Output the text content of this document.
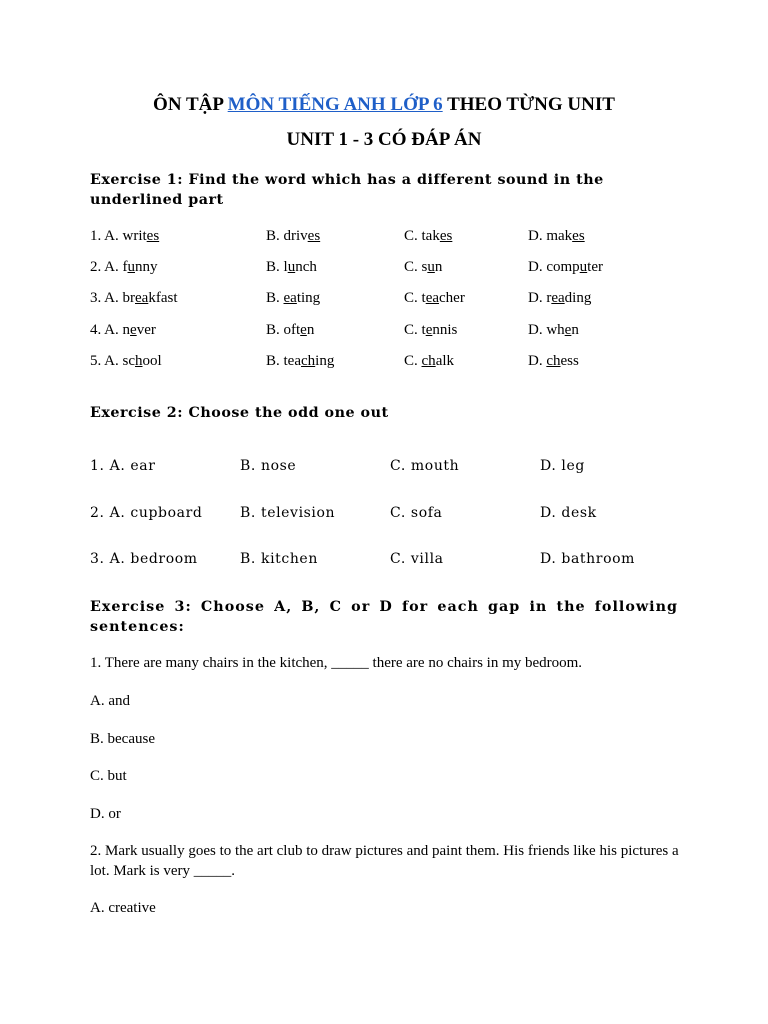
ÔN TẬP MÔN TIẾNG ANH LỚP 6 THEO TỪNG UNIT
UNIT 1 - 3 CÓ ĐÁP ÁN
Exercise 1: Find the word which has a different sound in the underlined part
1. A. writes	B. drives	C. takes	D. makes
2. A. funny	B. lunch	C. sun	D. computer
3. A. breakfast	B. eating	C. teacher	D. reading
4. A. never	B. often	C. tennis	D. when
5. A. school	B. teaching	C. chalk	D. chess
Exercise 2: Choose the odd one out
1. A. ear	B. nose	C. mouth	D. leg
2. A. cupboard	B. television	C. sofa	D. desk
3. A. bedroom	B. kitchen	C. villa	D. bathroom
Exercise 3: Choose A, B, C or D for each gap in the following sentences:
1. There are many chairs in the kitchen, _____ there are no chairs in my bedroom.
A. and
B. because
C. but
D. or
2. Mark usually goes to the art club to draw pictures and paint them. His friends like his pictures a lot. Mark is very _____.
A. creative
